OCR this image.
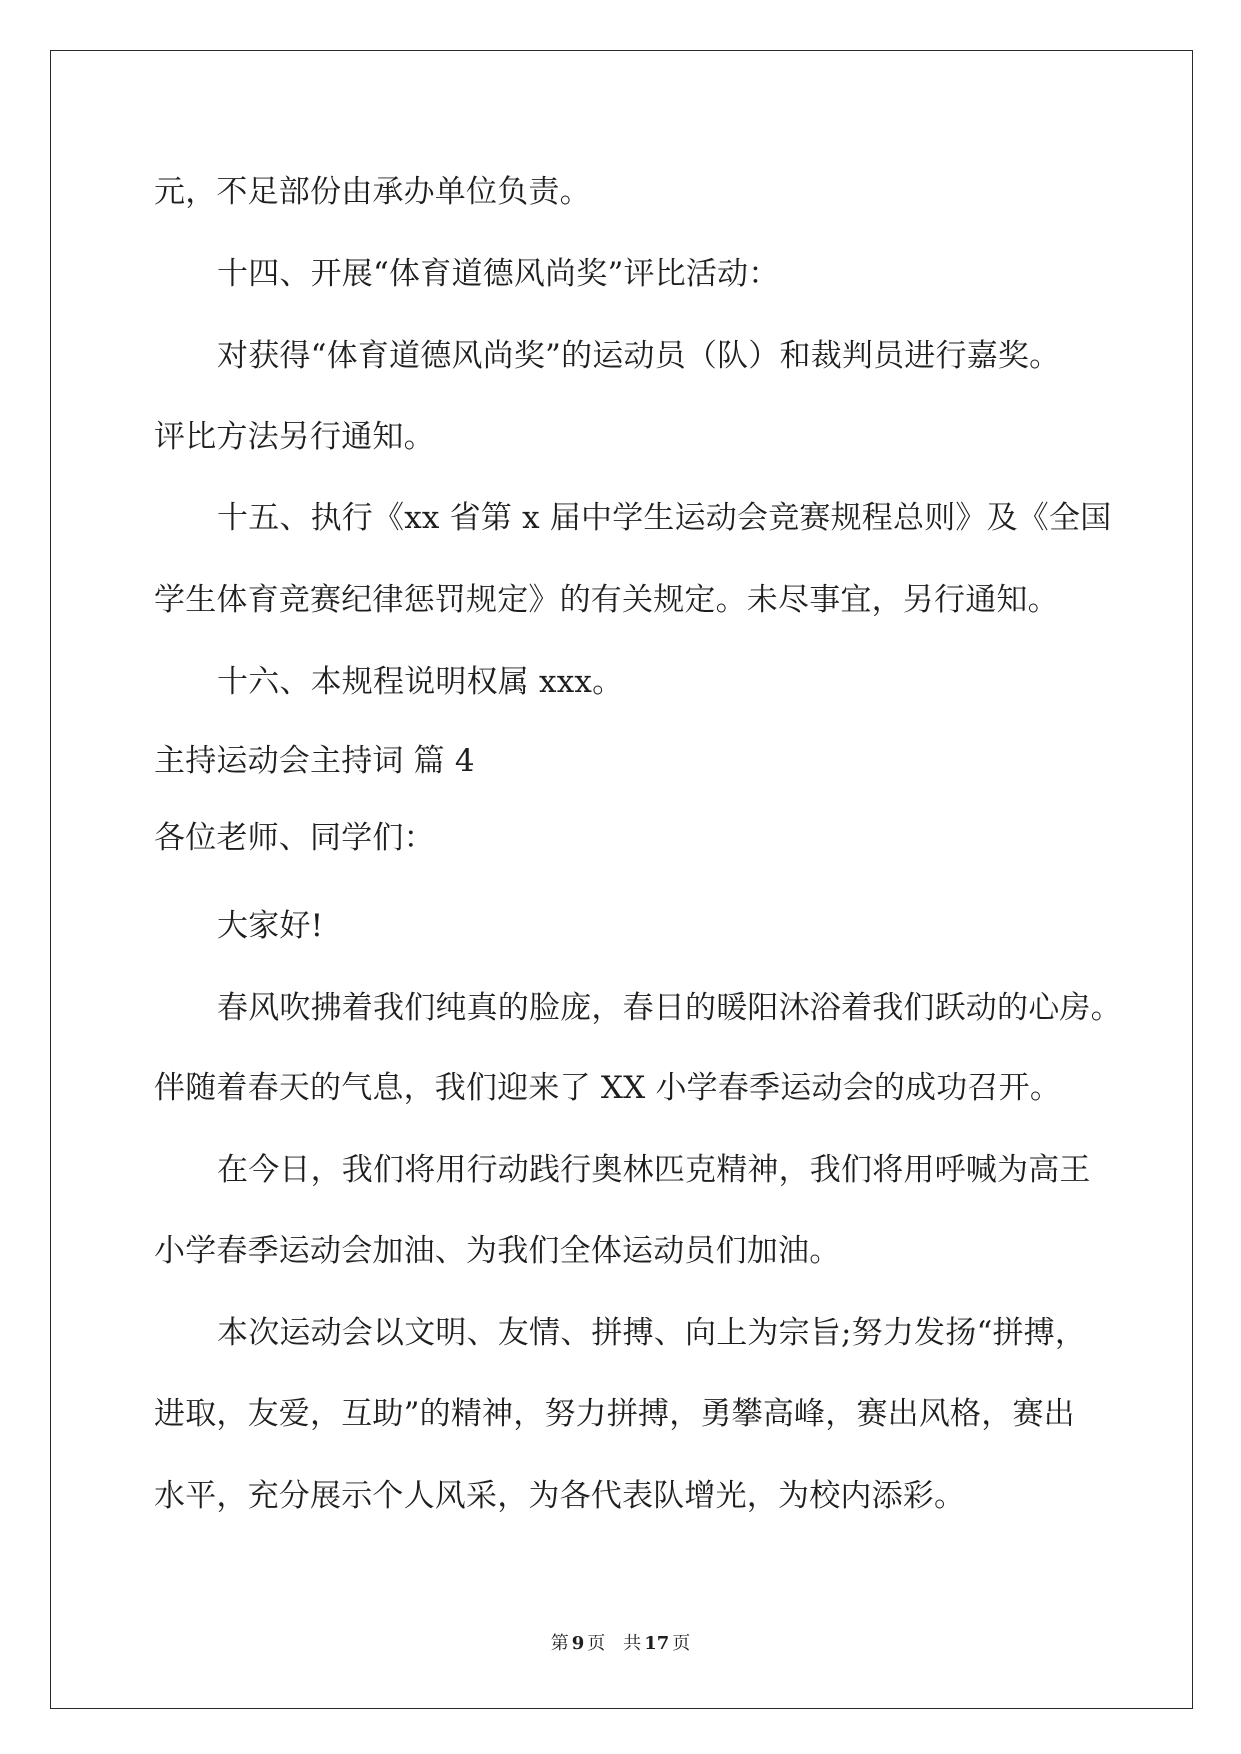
元，不足部份由承办单位负责。
十四、开展“体育道德风尚奖”评比活动：
对获得“体育道德风尚奖”的运动员（队）和裁判员进行嘉奖。
评比方法另行通知。
十五、执行《xx 省第 x 届中学生运动会竞赛规程总则》及《全国
学生体育竞赛纪律惩罚规定》的有关规定。未尽事宜，另行通知。
十六、本规程说明权属 xxx。
主持运动会主持词 篇 4
各位老师、同学们：
大家好!
春风吹拂着我们纯真的脸庞，春日的暖阳沐浴着我们跃动的心房。
伴随着春天的气息，我们迎来了 XX 小学春季运动会的成功召开。
在今日，我们将用行动践行奥林匹克精神，我们将用呼喊为高王
小学春季运动会加油、为我们全体运动员们加油。
本次运动会以文明、友情、拼搏、向上为宗旨;努力发扬“拼搏，
进取，友爱，互助”的精神，努力拼搏，勇攀高峰，赛出风格，赛出
水平，充分展示个人风采，为各代表队增光，为校内添彩。
第 9 页 共 17 页
